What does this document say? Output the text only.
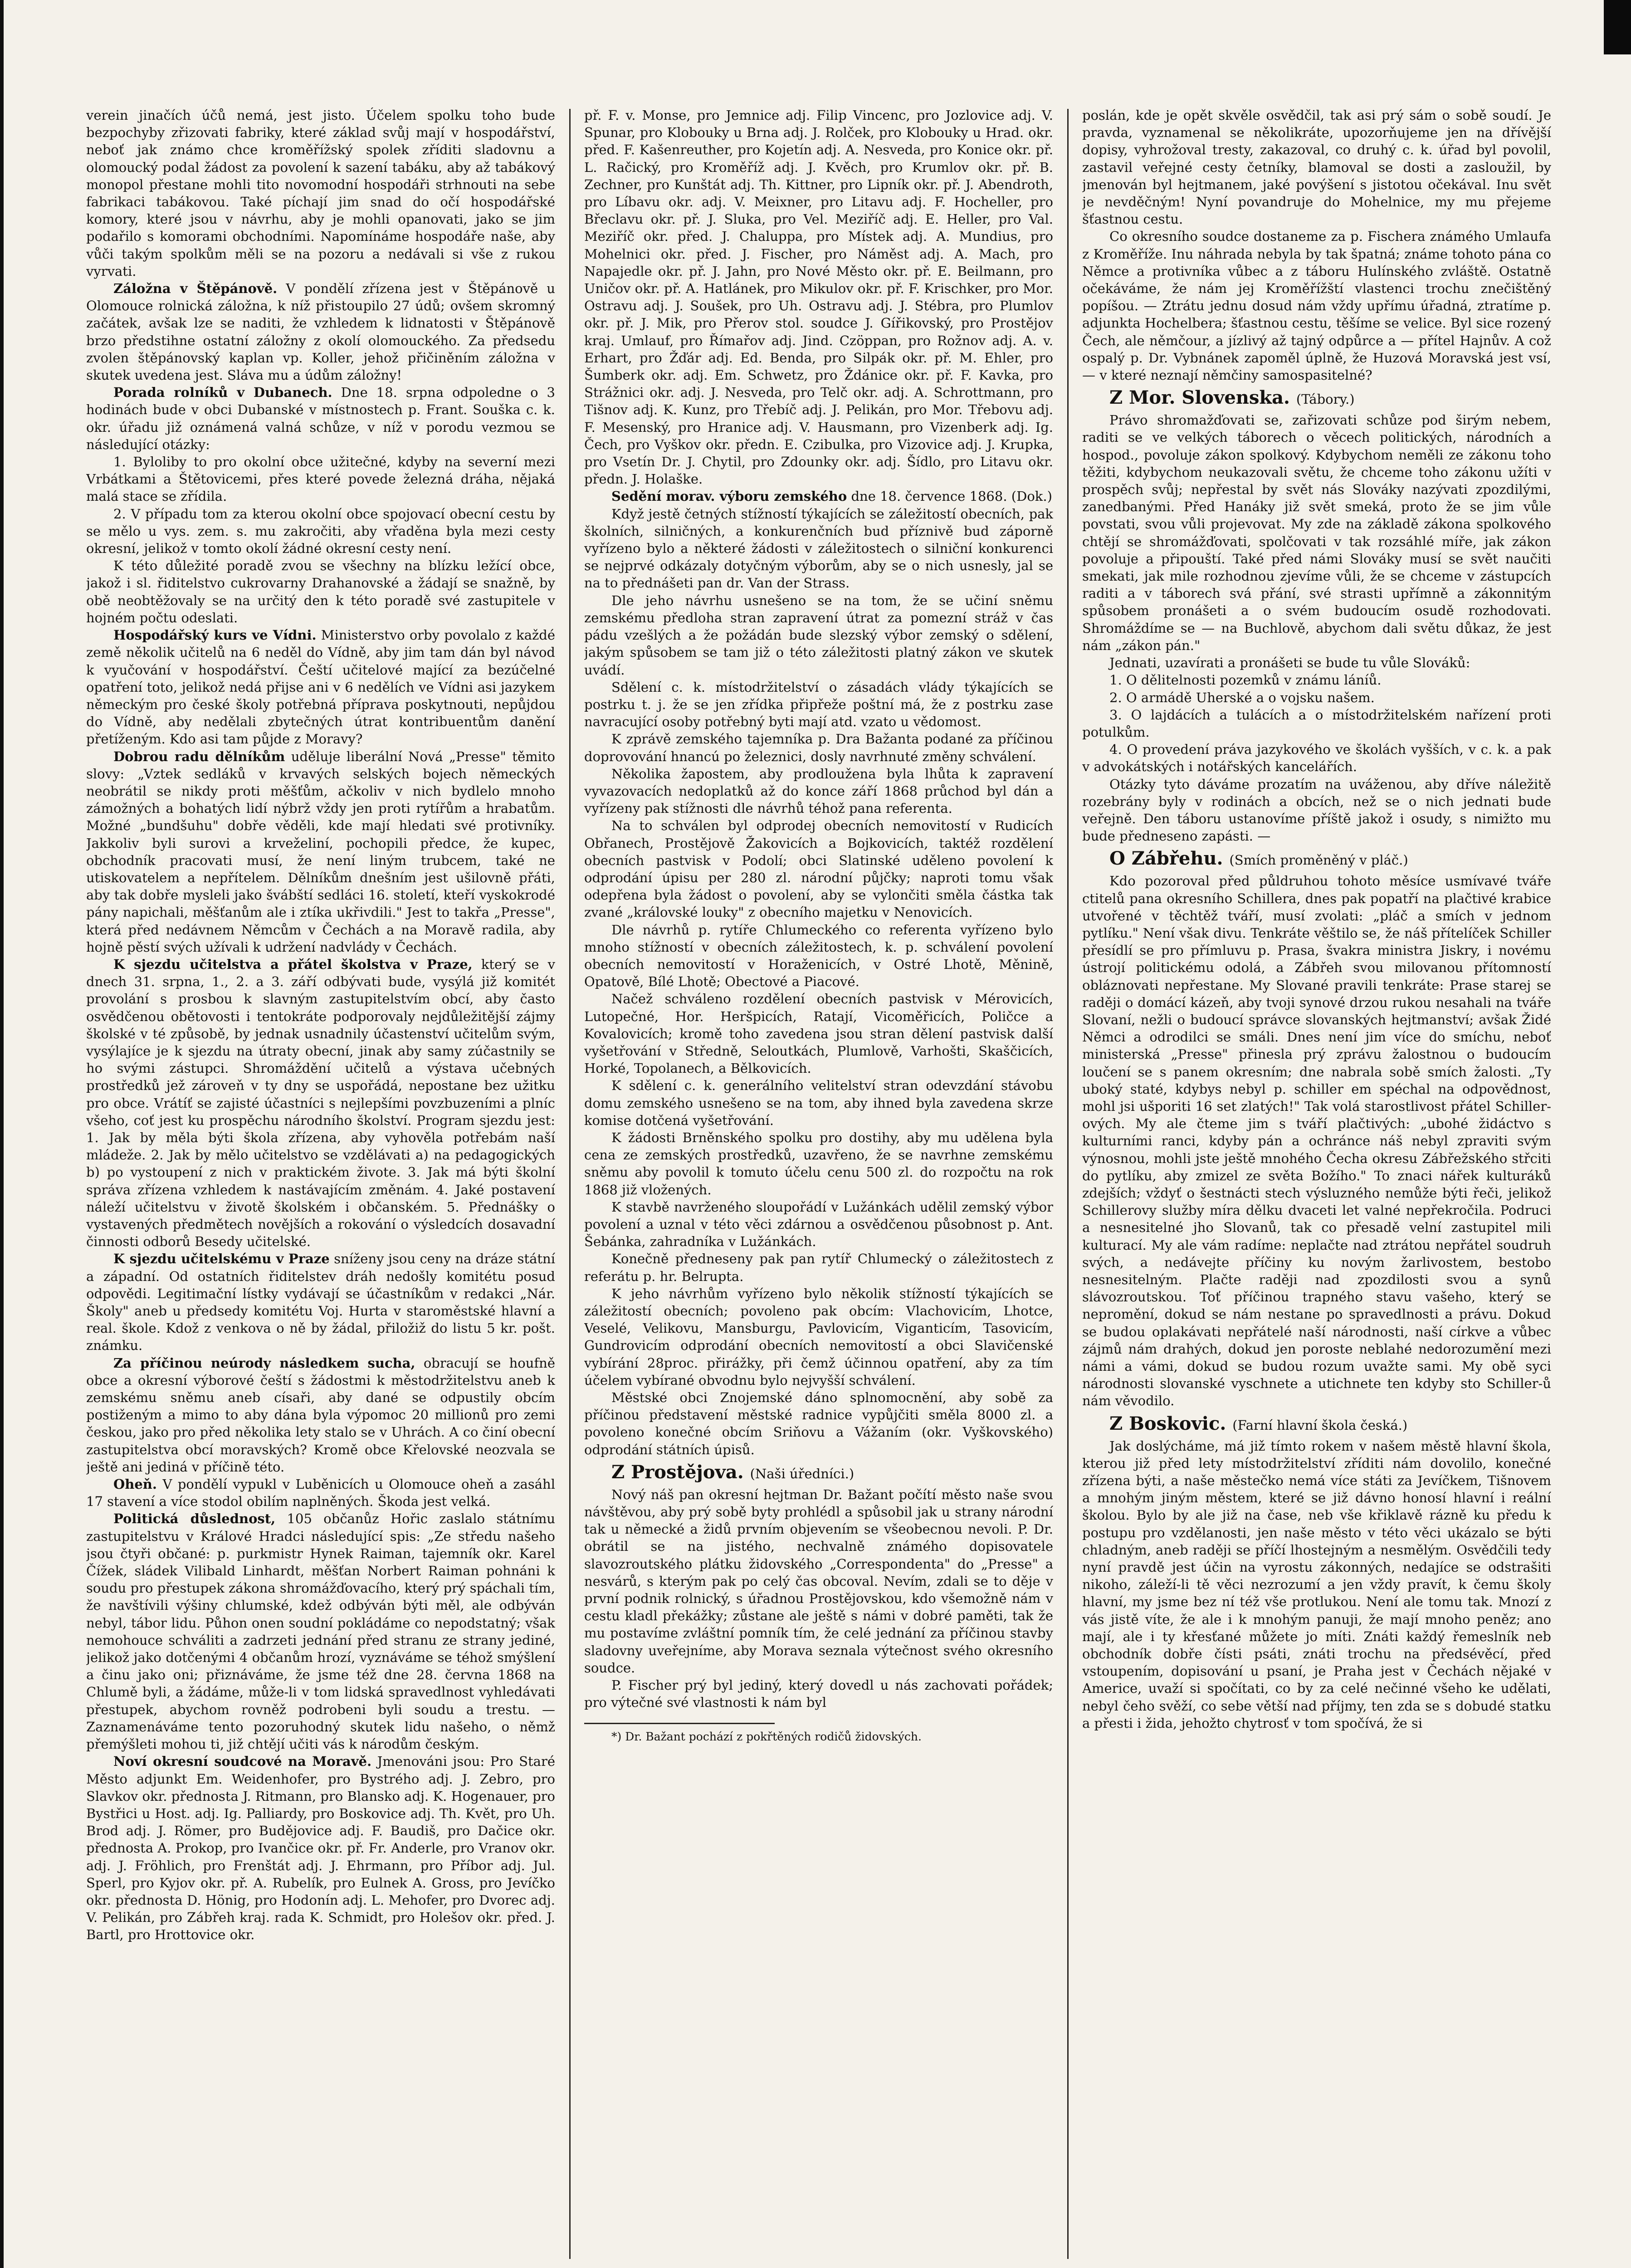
verein jinačích účů nemá, jest jisto. Účelem spolku toho bude bezpochyby zřizovati fabriky, které základ svůj mají v hospodářství, neboť jak známo chce kroměřížský spolek zříditi sladovnu a olomoucký podal žádost za povolení k sazení tabáku, aby až tabákový monopol přestane mohli tito novomodní hospodáři strhnouti na sebe fabrikaci tabákovou. Také píchají jim snad do očí hospodářské komory, které jsou v návrhu, aby je mohli opanovati, jako se jim podařilo s komorami obchodními. Napomínáme hospodáře naše, aby vůči takým spolkům měli se na pozoru a nedávali si vše z rukou vyrvati.

Záložna v Štěpánově. V pondělí zřízena jest v Štěpánově u Olomouce rolnická záložna, k níž přistoupilo 27 údů; ovšem skromný začátek, avšak lze se naditi, že vzhledem k lidnatosti v Štěpánově brzo předstihne ostatní záložny z okolí olomouckého. Za předsedu zvolen štěpánovský kaplan vp. Koller, jehož přičiněním záložna v skutek uvedena jest. Sláva mu a údům záložny!

Porada rolníků v Dubanech. Dne 18. srpna odpoledne o 3 hodinách bude v obci Dubanské v místnostech p. Frant. Souška c. k. okr. úřadu již oznámená valná schůze, v níž v porodu vezmou se následující otázky:

1. Byloliby to pro okolní obce užitečné, kdyby na severní mezi Vrbátkami a Štětovicemi, přes které povede železná dráha, nějaká malá stace se zřídila.

2. V případu tom za kterou okolní obce spojovací obecní cestu by se mělo u vys. zem. s. mu zakročiti, aby vřaděna byla mezi cesty okresní, jelikož v tomto okolí žádné okresní cesty není.

K této důležité poradě zvou se všechny na blízku ležící obce, jakož i sl. řiditelstvo cukrovarny Drahanovské a žádají se snažně, by obě neobtěžovaly se na určitý den k této poradě své zastupitele v hojném počtu odeslati.

Hospodářský kurs ve Vídni. Ministerstvo orby povolalo z každé země několik učitelů na 6 neděl do Vídně, aby jim tam dán byl návod k vyučování v hospodářství. Čeští učitelové mající za bezúčelné opatření toto, jelikož nedá přijse ani v 6 nedělích ve Vídni asi jazykem německým pro české školy potřebná příprava poskytnouti, nepůjdou do Vídně, aby nedělali zbytečných útrat kontribuentům danění přetíženým. Kdo asi tam půjde z Moravy?

Dobrou radu dělníkům uděluje liberální Nová „Presse" těmito slovy: „Vztek sedláků v krvavých selských bojech německých neobrátil se nikdy proti měšťům, ačkoliv v nich bydlelo mnoho zámožných a bohatých lidí nýbrž vždy jen proti rytířům a hrabatům. Možné „bundšuhu" dobře věděli, kde mají hledati své protivníky. Jakkoliv byli surovi a krveželiní, pochopili předce, že kupec, obchodník pracovati musí, že není liným trubcem, také ne utiskovatelem a nepřítelem. Dělníkům dnešním jest ušilovně přáti, aby tak dobře mysleli jako švábští sedláci 16. století, kteří vyskokrodé pány napichali, měšťanům ale i ztíka ukřivdili." Jest to takřa „Presse", která před nedávnem Němcům v Čechách a na Moravě radila, aby hojně pěstí svých užívali k udržení nadvlády v Čechách.

K sjezdu učitelstva a přátel školstva v Praze, který se v dnech 31. srpna, 1., 2. a 3. září odbývati bude, vysýlá již komitét provolání s prosbou k slavným zastupitelstvím obcí, aby často osvědčenou obětovosti i tentokráte podporovaly nejdůležitější zájmy školské v té způsobě, by jednak usnadnily účastenství učitelům svým, vysýlajíce je k sjezdu na útraty obecní, jinak aby samy zúčastnily se ho svými zástupci. Shromáždění učitelů a výstava učebných prostředků jež zároveň v ty dny se uspořádá, nepostane bez užitku pro obce. Vrátíť se zajisté účastníci s nejlepšími povzbuzeními a plníc všeho, coť jest ku prospěchu národního školství. Program sjezdu jest: 1. Jak by měla býti škola zřízena, aby vyhověla potřebám naší mládeže. 2. Jak by mělo učitelstvo se vzdělávati a) na pedagogických b) po vystoupení z nich v praktickém živote. 3. Jak má býti školní správa zřízena vzhledem k nastávajícím změnám. 4. Jaké postavení náleží učitelstvu v životě školském i občanském. 5. Přednášky o vystavených předmětech novějších a rokování o výsledcích dosavadní činnosti odborů Besedy učitelské.

K sjezdu učitelskému v Praze sníženy jsou ceny na dráze státní a západní. Od ostatních řiditelstev dráh nedošly komitétu posud odpovědi. Legitimační lístky vydávají se účastníkům v redakci „Nár. Školy" aneb u předsedy komitétu Voj. Hurta v staroměstské hlavní a real. škole. Kdož z venkova o ně by žádal, přiložiž do listu 5 kr. pošt. známku.

Za příčinou neúrody následkem sucha, obracují se houfně obce a okresní výborové čeští s žádostmi k městodržitelstvu aneb k zemskému sněmu aneb císaři, aby dané se odpustily obcím postiženým a mimo to aby dána byla výpomoc 20 millionů pro zemi českou, jako pro před několika lety stalo se v Uhrách. A co činí obecní zastupitelstva obcí moravských? Kromě obce Křelovské neozvala se ještě ani jediná v příčině této.

Oheň. V pondělí vypukl v Luběnicích u Olomouce oheň a zasáhl 17 stavení a více stodol obilím naplněných. Škoda jest velká.

Politická důslednost, 105 občanůz Hořic zaslalo státnímu zastupitelstvu v Králové Hradci následující spis: „Ze středu našeho jsou čtyři občané: p. purkmistr Hynek Raiman, tajemník okr. Karel Čížek, sládek Vilibald Linhardt, měšťan Norbert Raiman pohnáni k soudu pro přestupek zákona shromážďovacího, který prý spáchali tím, že navštívili výšiny chlumské, kdež odbýván býti měl, ale odbýván nebyl, tábor lidu. Půhon onen soudní pokládáme co nepodstatný; však nemohouce schváliti a zadrzeti jednání před stranu ze strany jediné, jelikož jako dotčenými 4 občanům hrozí, vyznáváme se téhož smýšlení a činu jako oni; přiznáváme, že jsme též dne 28. června 1868 na Chlumě byli, a žádáme, může-li v tom lidská spravedlnost vyhledávati přestupek, abychom rovněž podrobeni byli soudu a trestu. — Zaznamenáváme tento pozoruhodný skutek lidu našeho, o němž přemýšleti mohou ti, již chtějí učiti vás k národům českým.

Noví okresní soudcové na Moravě. Jmenováni jsou: Pro Staré Město adjunkt Em. Weidenhofer, pro Bystrého adj. J. Zebro, pro Slavkov okr. přednosta J. Ritmann, pro Blansko adj. K. Hogenauer, pro Bystřici u Host. adj. Ig. Palliardy, pro Boskovice adj. Th. Květ, pro Uh. Brod adj. J. Römer, pro Budějovice adj. F. Baudiš, pro Dačice okr. přednosta A. Prokop, pro Ivančice okr. př. Fr. Anderle, pro Vranov okr. adj. J. Fröhlich, pro Frenštát adj. J. Ehrmann, pro Příbor adj. Jul. Sperl, pro Kyjov okr. př. A. Rubelík, pro Eulnek A. Gross, pro Jevíčko okr. přednosta D. Hönig, pro Hodonín adj. L. Mehofer, pro Dvorec adj. V. Pelikán, pro Zábřeh kraj. rada K. Schmidt, pro Holešov okr. před. J. Bartl, pro Hrottovice okr.

př. F. v. Monse, pro Jemnice adj. Filip Vincenc, pro Jozlovice adj. V. Spunar, pro Klobouky u Brna adj. J. Rolček, pro Klobouky u Hrad. okr. před. F. Kašenreuther, pro Kojetín adj. A. Nesveda, pro Konice okr. př. L. Račický, pro Kroměříž adj. J. Kvěch, pro Krumlov okr. př. B. Zechner, pro Kunštát adj. Th. Kittner, pro Lipník okr. př. J. Abendroth, pro Líbavu okr. adj. V. Meixner, pro Litavu adj. F. Hocheller, pro Břeclavu okr. př. J. Sluka, pro Vel. Meziříč adj. E. Heller, pro Val. Meziříč okr. před. J. Chaluppa, pro Místek adj. A. Mundius, pro Mohelnici okr. před. J. Fischer, pro Náměst adj. A. Mach, pro Napajedle okr. př. J. Jahn, pro Nové Město okr. př. E. Beilmann, pro Uničov okr. př. A. Hatlánek, pro Mikulov okr. př. F. Krischker, pro Mor. Ostravu adj. J. Soušek, pro Uh. Ostravu adj. J. Stébra, pro Plumlov okr. př. J. Mik, pro Přerov stol. soudce J. Gířikovský, pro Prostějov kraj. Umlauf, pro Římařov adj. Jind. Czöppan, pro Rožnov adj. A. v. Erhart, pro Žďár adj. Ed. Benda, pro Silpák okr. př. M. Ehler, pro Šumberk okr. adj. Em. Schwetz, pro Ždánice okr. př. F. Kavka, pro Strážnici okr. adj. J. Nesveda, pro Telč okr. adj. A. Schrottmann, pro Tišnov adj. K. Kunz, pro Třebíč adj. J. Pelikán, pro Mor. Třebovu adj. F. Mesenský, pro Hranice adj. V. Hausmann, pro Vizenberk adj. Ig. Čech, pro Vyškov okr. předn. E. Czibulka, pro Vizovice adj. J. Krupka, pro Vsetín Dr. J. Chytil, pro Zdounky okr. adj. Šídlo, pro Litavu okr. předn. J. Holaške.

Sedění morav. výboru zemského dne 18. července 1868. (Dok.)

Když jestě četných stížností týkajících se záležitostí obecních, pak školních, silničných, a konkurenčních bud příznivě bud záporně vyřízeno bylo a některé žádosti v záležitostech o silniční konkurenci se nejprvé odkázaly dotyčným výborům, aby se o nich usnesly, jal se na to přednášeti pan dr. Van der Strass.

Dle jeho návrhu usnešeno se na tom, že se učiní sněmu zemskému předloha stran zapravení útrat za pomezní stráž v čas pádu vzešlých a že požádán bude slezský výbor zemský o sdělení, jakým spůsobem se tam již o této záležitosti platný zákon ve skutek uvádí.

Sdělení c. k. místodržitelství o zásadách vlády týkajících se postrku t. j. že se jen zřídka připřeže poštní má, že z postrku zase navracující osoby potřebný byti mají atd. vzato u vědomost.

K zprávě zemského tajemníka p. Dra Bažanta podané za příčinou doprovování hnancú po železnici, dosly navrhnuté změny schválení.

Několika žapostem, aby prodloužena byla lhůta k zapravení vyvazovacích nedoplatků až do konce září 1868 průchod byl dán a vyřízeny pak stížnosti dle návrhů téhož pana referenta.

Na to schválen byl odprodej obecních nemovitostí v Rudicích Obřanech, Prostějově Žakovicích a Bojkovicích, taktéž rozdělení obecních pastvisk v Podolí; obci Slatinské uděleno povolení k odprodání úpisu per 280 zl. národní půjčky; naproti tomu však odepřena byla žádost o povolení, aby se vylončiti směla částka tak zvané „královské louky" z obecního majetku v Nenovicích.

Dle návrhů p. rytíře Chlumeckého co referenta vyřízeno bylo mnoho stížností v obecních záležitostech, k. p. schválení povolení obecních nemovitostí v Horaženicích, v Ostré Lhotě, Měnině, Opatově, Bílé Lhotě; Obectové a Piacové.

Načež schváleno rozdělení obecních pastvisk v Mérovicích, Lutopečné, Hor. Heršpicích, Ratají, Vicoměřicích, Poličce a Kovalovicích; kromě toho zavedena jsou stran dělení pastvisk další vyšetřování v Středně, Seloutkách, Plumlově, Varhošti, Skaščicích, Horké, Topolanech, a Bělkovicích.

K sdělení c. k. generálního velitelství stran odevzdání stávobu domu zemského usnešeno se na tom, aby ihned byla zavedena skrze komise dotčená vyšetřování.

K žádosti Brněnského spolku pro dostihy, aby mu udělena byla cena ze zemských prostředků, uzavřeno, že se navrhne zemskému sněmu aby povolil k tomuto účelu cenu 500 zl. do rozpočtu na rok 1868 již vložených.

K stavbě navrženého sloupořádí v Lužánkách udělil zemský výbor povolení a uznal v této věci zdárnou a osvědčenou působnost p. Ant. Šebánka, zahradníka v Lužánkách.

Konečně předneseny pak pan rytíř Chlumecký o záležitostech z referátu p. hr. Belrupta.

K jeho návrhům vyřízeno bylo několik stížností týkajících se záležitostí obecních; povoleno pak obcím: Vlachovicím, Lhotce, Veselé, Velikovu, Mansburgu, Pavlovicím, Viganticím, Tasovicím, Gundrovicím odprodání obecních nemovitostí a obci Slavičenské vybírání 28proc. přirážky, při čemž účinnou opatření, aby za tím účelem vybírané obvodnu bylo nejvyšší schválení.

Městské obci Znojemské dáno splnomocnění, aby sobě za příčinou představení městské radnice vypůjčiti směla 8000 zl. a povoleno konečné obcím Sriňovu a Vážaním (okr. Vyškovského) odprodání státních úpisů.

Z Prostějova. (Naši úředníci.)

Nový náš pan okresní hejtman Dr. Bažant počítí město naše svou návštěvou, aby prý sobě byty prohlédl a spůsobil jak u strany národní tak u německé a židů prvním objevením se všeobecnou nevoli. P. Dr. obrátil se na jistého, nechvalně známého dopisovatele slavozroutského plátku židovského „Correspondenta" do „Presse" a nesvárů, s kterým pak po celý čas obcoval. Nevím, zdali se to děje v první podnik rolnický, s úřadnou Prostějovskou, kdo všemožně nám v cestu kladl překážky; zůstane ale ještě s námi v dobré paměti, tak že mu postavíme zvláštní pomník tím, že celé jednání za příčinou stavby sladovny uveřejníme, aby Morava seznala výtečnost svého okresního soudce.

P. Fischer prý byl jediný, který dovedl u nás zachovati pořádek; pro výtečné své vlastnosti k nám byl

*) Dr. Bažant pochází z pokřtěných rodičů židovských.

poslán, kde je opět skvěle osvědčil, tak asi prý sám o sobě soudí. Je pravda, vyznamenal se několikráte, upozorňujeme jen na dřívější dopisy, vyhrožoval tresty, zakazoval, co druhý c. k. úřad byl povolil, zastavil veřejné cesty četníky, blamoval se dosti a zasloužil, by jmenován byl hejtmanem, jaké povýšení s jistotou očekával. Inu svět je nevděčným! Nyní povandruje do Mohelnice, my mu přejeme šťastnou cestu.

Co okresního soudce dostaneme za p. Fischera známého Umlaufa z Kroměříže. Inu náhrada nebyla by tak špatná; známe tohoto pána co Němce a protivníka vůbec a z táboru Hulínského zvláště. Ostatně očekáváme, že nám jej Kroměřížští vlastenci trochu znečištěný popíšou. — Ztrátu jednu dosud nám vždy upřímu úřadná, ztratíme p. adjunkta Hochelbera; šťastnou cestu, těšíme se velice. Byl sice rozený Čech, ale němčour, a jízlivý až tajný odpůrce a — přítel Hajnův. A což ospalý p. Dr. Vybnánek zapoměl úplně, že Huzová Moravská jest vsí, — v které neznají němčiny samospasitelné?

Z Mor. Slovenska. (Tábory.)

Právo shromažďovati se, zařizovati schůze pod širým nebem, raditi se ve velkých táborech o věcech politických, národních a hospod., povoluje zákon spolkový. Kdybychom neměli ze zákonu toho těžiti, kdybychom neukazovali světu, že chceme toho zákonu užíti v prospěch svůj; nepřestal by svět nás Slováky nazývati zpozdilými, zanedbanými. Před Hanáky již svět smeká, proto že se jim vůle povstati, svou vůli projevovat. My zde na základě zákona spolkového chtějí se shromážďovati, spolčovati v tak rozsáhlé míře, jak zákon povoluje a připouští. Také před námi Slováky musí se svět naučiti smekati, jak mile rozhodnou zjevíme vůli, že se chceme v zástupcích raditi a v táborech svá přání, své strasti upřímně a zákonnitým spůsobem pronášeti a o svém budoucím osudě rozhodovati. Shromáždíme se — na Buchlově, abychom dali světu důkaz, že jest nám „zákon pán."

Jednati, uzavírati a pronášeti se bude tu vůle Slováků:

1. O dělitelnosti pozemků v známu láníů.

2. O armádě Uherské a o vojsku našem.

3. O lajdácích a tulácích a o místodržitelském nařízení proti potulkům.

4. O provedení práva jazykového ve školách vyšších, v c. k. a pak v advokátských i notářských kancelářích.

Otázky tyto dáváme prozatím na uváženou, aby dříve náležitě rozebrány byly v rodinách a obcích, než se o nich jednati bude veřejně. Den táboru ustanovíme příště jakož i osudy, s nimižto mu bude předneseno zapásti. —

O Zábřehu. (Smích proměněný v pláč.)

Kdo pozoroval před půldruhou tohoto měsíce usmívavé tváře ctitelů pana okresního Schillera, dnes pak popatří na plačtivé krabice utvořené v těchtěž tváří, musí zvolati: „pláč a smích v jednom pytlíku." Není však divu. Tenkráte věštilo se, že náš přítelíček Schiller přesídlí se pro přímluvu p. Prasa, švakra ministra Jiskry, i novému ústrojí politickému odolá, a Zábřeh svou milovanou přítomností obláznovati nepřestane. My Slované pravili tenkráte: Prase starej se raději o domácí kázeň, aby tvoji synové drzou rukou nesahali na tváře Slovaní, nežli o budoucí správce slovanských hejtmanství; avšak Židé Němci a odrodilci se smáli. Dnes není jim více do smíchu, neboť ministerská „Presse" přinesla prý zprávu žalostnou o budoucím loučení se s panem okresním; dne nabrala sobě smích žalosti. „Ty uboký staté, kdybys nebyl p. schiller em spéchal na odpovědnost, mohl jsi ušporiti 16 set zlatých!" Tak volá starostlivost přátel Schiller-ových. My ale čteme jim s tváří plačtivých: „ubohé židáctvo s kulturními ranci, kdyby pán a ochránce náš nebyl zpraviti svým výnosnou, mohli jste ještě mnohého Čecha okresu Zábřežského střciti do pytlíku, aby zmizel ze světa Božího." To znaci nářek kulturáků zdejších; vždyť o šestnácti stech výsluzného nemůže býti řeči, jelikož Schillerovy služby míra dělku dvaceti let valné nepřekročila. Podruci a nesnesitelné jho Slovanů, tak co přesadě velní zastupitel mili kulturací. My ale vám radíme: neplačte nad ztrátou nepřátel soudruh svých, a nedávejte příčiny ku novým žarlivostem, bestobo nesnesitelným. Plačte raději nad zpozdilosti svou a synů slávozroutskou. Toť příčinou trapného stavu vašeho, který se nepromění, dokud se nám nestane po spravedlnosti a právu. Dokud se budou oplakávati nepřátelé naší národnosti, naší církve a vůbec zájmů nám drahých, dokud jen poroste neblahé nedorozumění mezi námi a vámi, dokud se budou rozum uvažte sami. My obě syci národnosti slovanské vyschnete a utichnete ten kdyby sto Schiller-ů nám věvodilo.

Z Boskovic. (Farní hlavní škola česká.)

Jak doslýcháme, má již tímto rokem v našem městě hlavní škola, kterou již před lety místodržitelství zříditi nám dovolilo, konečné zřízena býti, a naše městečko nemá více státi za Jevíčkem, Tišnovem a mnohým jiným městem, které se již dávno honosí hlavní i reální školou. Bylo by ale již na čase, neb vše křiklavě rázně ku předu k postupu pro vzdělanosti, jen naše město v této věci ukázalo se býti chladným, aneb raději se příčí lhostejným a nesmělým. Osvědčili tedy nyní pravdě jest účin na vyrostu zákonných, nedajíce se odstrašiti nikoho, záleží-li tě věci nezrozumí a jen vždy pravít, k čemu školy hlavní, my jsme bez ní též vše protlukou. Není ale tomu tak. Mnozí z vás jistě víte, že ale i k mnohým panuji, že mají mnoho peněz; ano mají, ale i ty křesťané můžete jo míti. Znáti každý řemeslník neb obchodník dobře čísti psáti, znáti trochu na předsévěcí, před vstoupením, dopisování u psaní, je Praha jest v Čechách nějaké v Americe, uvaží si spočítati, co by za celé nečinné všeho ke udělati, nebyl čeho svěží, co sebe větší nad příjmy, ten zda se s dobudé statku a přesti i žida, jehožto chytrosť v tom spočívá, že si
